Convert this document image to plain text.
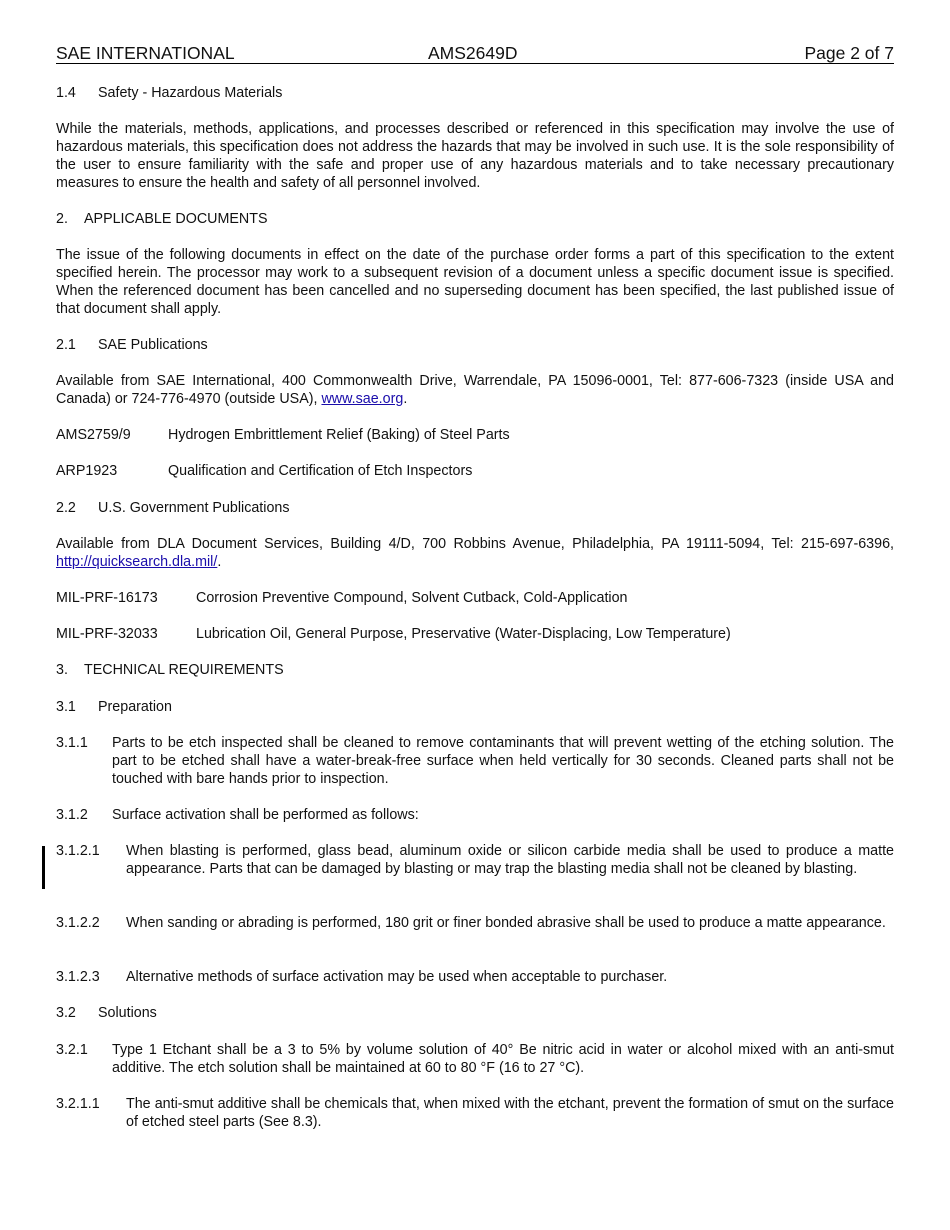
SAE INTERNATIONAL	AMS2649D	Page 2 of 7
1.4 Safety - Hazardous Materials
While the materials, methods, applications, and processes described or referenced in this specification may involve the use of hazardous materials, this specification does not address the hazards that may be involved in such use. It is the sole responsibility of the user to ensure familiarity with the safe and proper use of any hazardous materials and to take necessary precautionary measures to ensure the health and safety of all personnel involved.
2. APPLICABLE DOCUMENTS
The issue of the following documents in effect on the date of the purchase order forms a part of this specification to the extent specified herein. The processor may work to a subsequent revision of a document unless a specific document issue is specified. When the referenced document has been cancelled and no superseding document has been specified, the last published issue of that document shall apply.
2.1 SAE Publications
Available from SAE International, 400 Commonwealth Drive, Warrendale, PA 15096-0001, Tel: 877-606-7323 (inside USA and Canada) or 724-776-4970 (outside USA), www.sae.org.
AMS2759/9	Hydrogen Embrittlement Relief (Baking) of Steel Parts
ARP1923	Qualification and Certification of Etch Inspectors
2.2 U.S. Government Publications
Available from DLA Document Services, Building 4/D, 700 Robbins Avenue, Philadelphia, PA 19111-5094, Tel: 215-697-6396, http://quicksearch.dla.mil/.
MIL-PRF-16173	Corrosion Preventive Compound, Solvent Cutback, Cold-Application
MIL-PRF-32033	Lubrication Oil, General Purpose, Preservative (Water-Displacing, Low Temperature)
3. TECHNICAL REQUIREMENTS
3.1 Preparation
3.1.1 Parts to be etch inspected shall be cleaned to remove contaminants that will prevent wetting of the etching solution. The part to be etched shall have a water-break-free surface when held vertically for 30 seconds. Cleaned parts shall not be touched with bare hands prior to inspection.
3.1.2 Surface activation shall be performed as follows:
3.1.2.1 When blasting is performed, glass bead, aluminum oxide or silicon carbide media shall be used to produce a matte appearance. Parts that can be damaged by blasting or may trap the blasting media shall not be cleaned by blasting.
3.1.2.2 When sanding or abrading is performed, 180 grit or finer bonded abrasive shall be used to produce a matte appearance.
3.1.2.3 Alternative methods of surface activation may be used when acceptable to purchaser.
3.2 Solutions
3.2.1 Type 1 Etchant shall be a 3 to 5% by volume solution of 40° Be nitric acid in water or alcohol mixed with an anti-smut additive. The etch solution shall be maintained at 60 to 80 °F (16 to 27 °C).
3.2.1.1 The anti-smut additive shall be chemicals that, when mixed with the etchant, prevent the formation of smut on the surface of etched steel parts (See 8.3).
